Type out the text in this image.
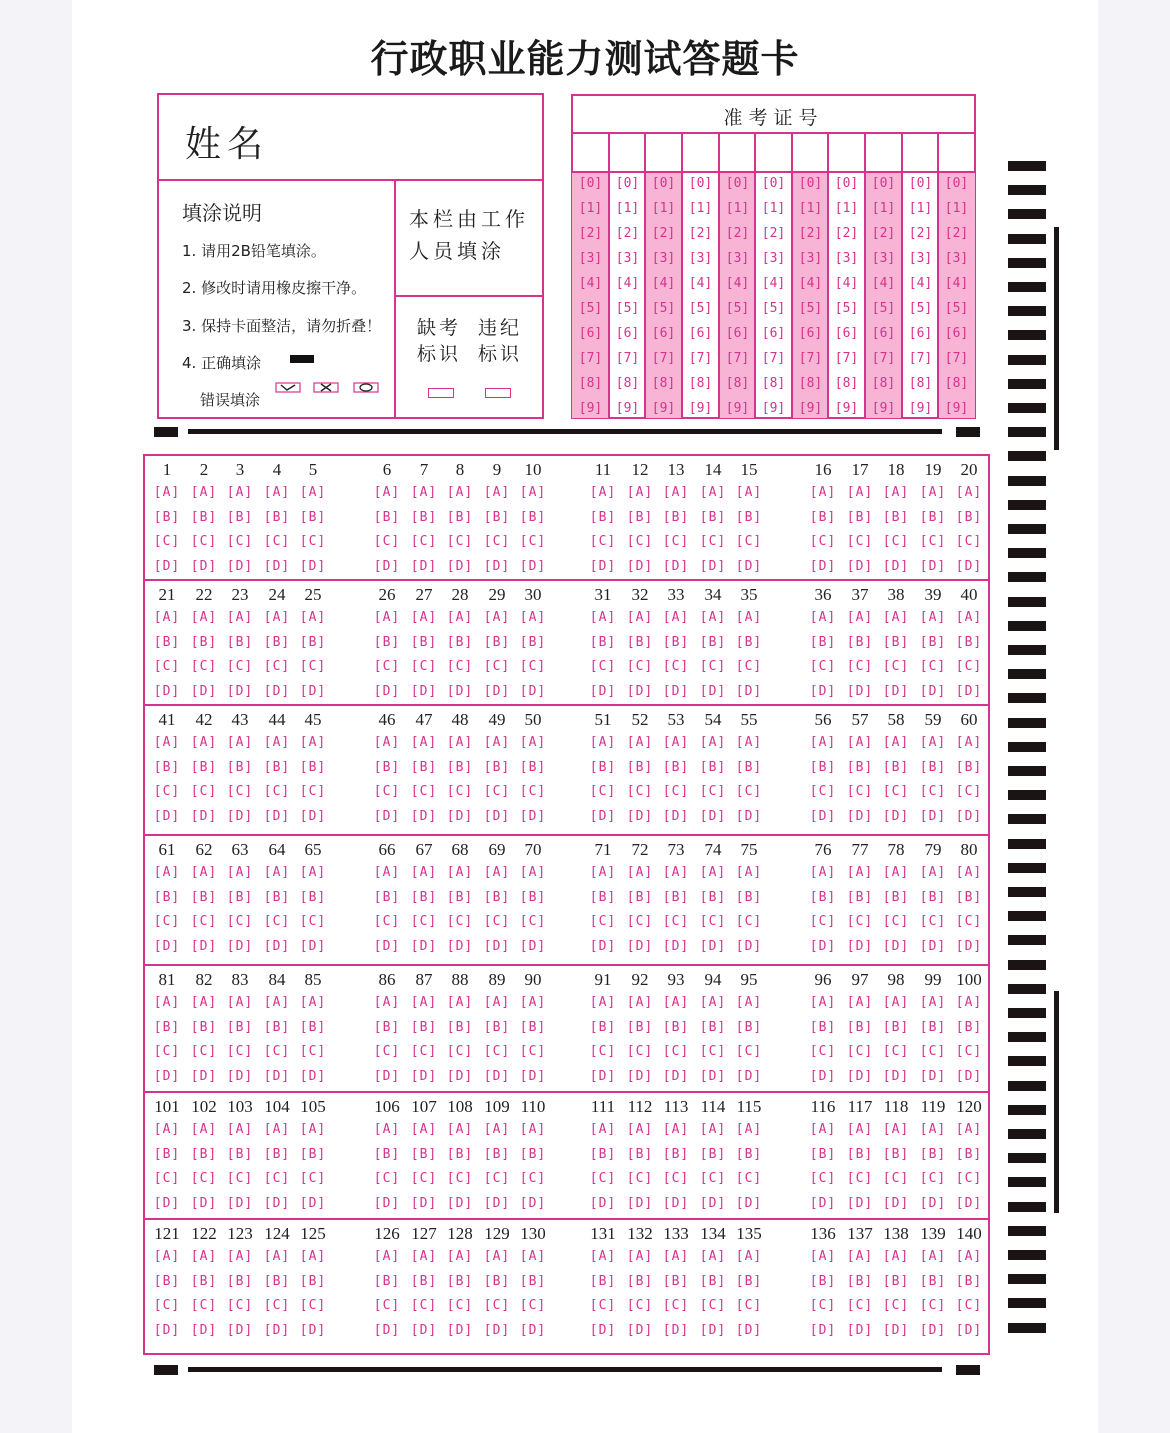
行政职业能力测试答题卡
姓名
填涂说明
1. 请用2B铅笔填涂。
2. 修改时请用橡皮擦干净。
3. 保持卡面整洁，请勿折叠！
4. 正确填涂
错误填涂
本栏由工作
人员填涂
缺考
标识
违纪
标识
准考证号
[0]
[1]
[2]
[3]
[4]
[5]
[6]
[7]
[8]
[9]
[0]
[1]
[2]
[3]
[4]
[5]
[6]
[7]
[8]
[9]
[0]
[1]
[2]
[3]
[4]
[5]
[6]
[7]
[8]
[9]
[0]
[1]
[2]
[3]
[4]
[5]
[6]
[7]
[8]
[9]
[0]
[1]
[2]
[3]
[4]
[5]
[6]
[7]
[8]
[9]
[0]
[1]
[2]
[3]
[4]
[5]
[6]
[7]
[8]
[9]
[0]
[1]
[2]
[3]
[4]
[5]
[6]
[7]
[8]
[9]
[0]
[1]
[2]
[3]
[4]
[5]
[6]
[7]
[8]
[9]
[0]
[1]
[2]
[3]
[4]
[5]
[6]
[7]
[8]
[9]
[0]
[1]
[2]
[3]
[4]
[5]
[6]
[7]
[8]
[9]
[0]
[1]
[2]
[3]
[4]
[5]
[6]
[7]
[8]
[9]
1
[A]
[B]
[C]
[D]
2
[A]
[B]
[C]
[D]
3
[A]
[B]
[C]
[D]
4
[A]
[B]
[C]
[D]
5
[A]
[B]
[C]
[D]
6
[A]
[B]
[C]
[D]
7
[A]
[B]
[C]
[D]
8
[A]
[B]
[C]
[D]
9
[A]
[B]
[C]
[D]
10
[A]
[B]
[C]
[D]
11
[A]
[B]
[C]
[D]
12
[A]
[B]
[C]
[D]
13
[A]
[B]
[C]
[D]
14
[A]
[B]
[C]
[D]
15
[A]
[B]
[C]
[D]
16
[A]
[B]
[C]
[D]
17
[A]
[B]
[C]
[D]
18
[A]
[B]
[C]
[D]
19
[A]
[B]
[C]
[D]
20
[A]
[B]
[C]
[D]
21
[A]
[B]
[C]
[D]
22
[A]
[B]
[C]
[D]
23
[A]
[B]
[C]
[D]
24
[A]
[B]
[C]
[D]
25
[A]
[B]
[C]
[D]
26
[A]
[B]
[C]
[D]
27
[A]
[B]
[C]
[D]
28
[A]
[B]
[C]
[D]
29
[A]
[B]
[C]
[D]
30
[A]
[B]
[C]
[D]
31
[A]
[B]
[C]
[D]
32
[A]
[B]
[C]
[D]
33
[A]
[B]
[C]
[D]
34
[A]
[B]
[C]
[D]
35
[A]
[B]
[C]
[D]
36
[A]
[B]
[C]
[D]
37
[A]
[B]
[C]
[D]
38
[A]
[B]
[C]
[D]
39
[A]
[B]
[C]
[D]
40
[A]
[B]
[C]
[D]
41
[A]
[B]
[C]
[D]
42
[A]
[B]
[C]
[D]
43
[A]
[B]
[C]
[D]
44
[A]
[B]
[C]
[D]
45
[A]
[B]
[C]
[D]
46
[A]
[B]
[C]
[D]
47
[A]
[B]
[C]
[D]
48
[A]
[B]
[C]
[D]
49
[A]
[B]
[C]
[D]
50
[A]
[B]
[C]
[D]
51
[A]
[B]
[C]
[D]
52
[A]
[B]
[C]
[D]
53
[A]
[B]
[C]
[D]
54
[A]
[B]
[C]
[D]
55
[A]
[B]
[C]
[D]
56
[A]
[B]
[C]
[D]
57
[A]
[B]
[C]
[D]
58
[A]
[B]
[C]
[D]
59
[A]
[B]
[C]
[D]
60
[A]
[B]
[C]
[D]
61
[A]
[B]
[C]
[D]
62
[A]
[B]
[C]
[D]
63
[A]
[B]
[C]
[D]
64
[A]
[B]
[C]
[D]
65
[A]
[B]
[C]
[D]
66
[A]
[B]
[C]
[D]
67
[A]
[B]
[C]
[D]
68
[A]
[B]
[C]
[D]
69
[A]
[B]
[C]
[D]
70
[A]
[B]
[C]
[D]
71
[A]
[B]
[C]
[D]
72
[A]
[B]
[C]
[D]
73
[A]
[B]
[C]
[D]
74
[A]
[B]
[C]
[D]
75
[A]
[B]
[C]
[D]
76
[A]
[B]
[C]
[D]
77
[A]
[B]
[C]
[D]
78
[A]
[B]
[C]
[D]
79
[A]
[B]
[C]
[D]
80
[A]
[B]
[C]
[D]
81
[A]
[B]
[C]
[D]
82
[A]
[B]
[C]
[D]
83
[A]
[B]
[C]
[D]
84
[A]
[B]
[C]
[D]
85
[A]
[B]
[C]
[D]
86
[A]
[B]
[C]
[D]
87
[A]
[B]
[C]
[D]
88
[A]
[B]
[C]
[D]
89
[A]
[B]
[C]
[D]
90
[A]
[B]
[C]
[D]
91
[A]
[B]
[C]
[D]
92
[A]
[B]
[C]
[D]
93
[A]
[B]
[C]
[D]
94
[A]
[B]
[C]
[D]
95
[A]
[B]
[C]
[D]
96
[A]
[B]
[C]
[D]
97
[A]
[B]
[C]
[D]
98
[A]
[B]
[C]
[D]
99
[A]
[B]
[C]
[D]
100
[A]
[B]
[C]
[D]
101
[A]
[B]
[C]
[D]
102
[A]
[B]
[C]
[D]
103
[A]
[B]
[C]
[D]
104
[A]
[B]
[C]
[D]
105
[A]
[B]
[C]
[D]
106
[A]
[B]
[C]
[D]
107
[A]
[B]
[C]
[D]
108
[A]
[B]
[C]
[D]
109
[A]
[B]
[C]
[D]
110
[A]
[B]
[C]
[D]
111
[A]
[B]
[C]
[D]
112
[A]
[B]
[C]
[D]
113
[A]
[B]
[C]
[D]
114
[A]
[B]
[C]
[D]
115
[A]
[B]
[C]
[D]
116
[A]
[B]
[C]
[D]
117
[A]
[B]
[C]
[D]
118
[A]
[B]
[C]
[D]
119
[A]
[B]
[C]
[D]
120
[A]
[B]
[C]
[D]
121
[A]
[B]
[C]
[D]
122
[A]
[B]
[C]
[D]
123
[A]
[B]
[C]
[D]
124
[A]
[B]
[C]
[D]
125
[A]
[B]
[C]
[D]
126
[A]
[B]
[C]
[D]
127
[A]
[B]
[C]
[D]
128
[A]
[B]
[C]
[D]
129
[A]
[B]
[C]
[D]
130
[A]
[B]
[C]
[D]
131
[A]
[B]
[C]
[D]
132
[A]
[B]
[C]
[D]
133
[A]
[B]
[C]
[D]
134
[A]
[B]
[C]
[D]
135
[A]
[B]
[C]
[D]
136
[A]
[B]
[C]
[D]
137
[A]
[B]
[C]
[D]
138
[A]
[B]
[C]
[D]
139
[A]
[B]
[C]
[D]
140
[A]
[B]
[C]
[D]
